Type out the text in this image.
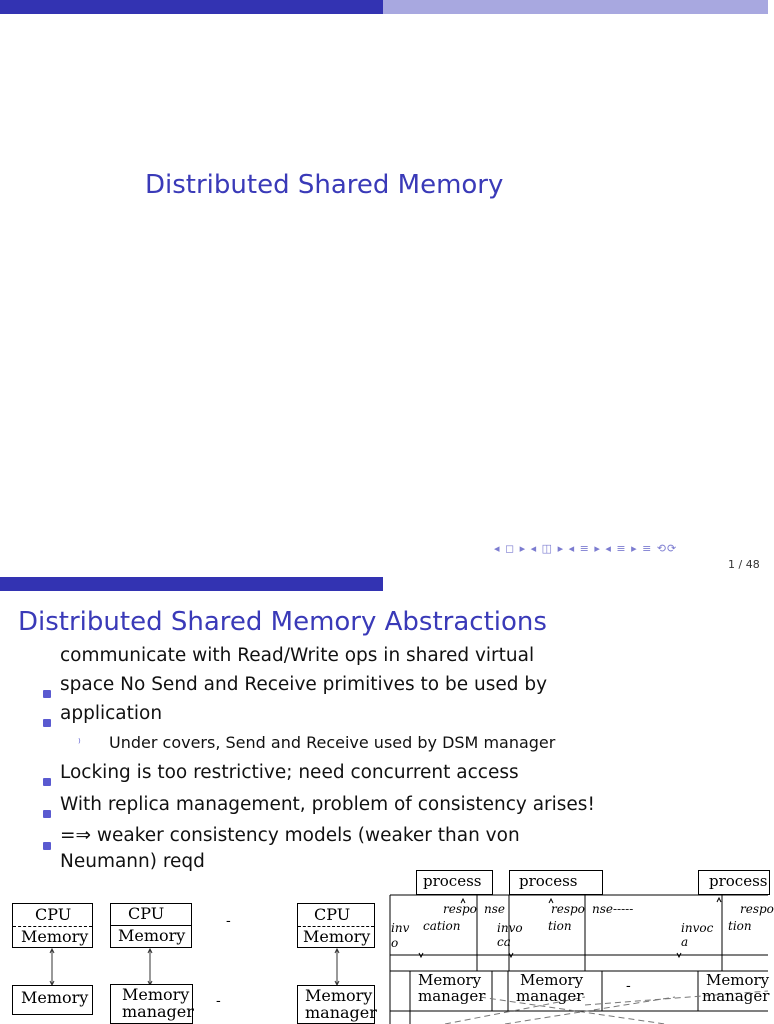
Distributed Shared Memory
◂ ◻ ▸ ◂ ◫ ▸ ◂ ≡ ▸ ◂ ≡ ▸ ≡ ⟲⟳
1 / 48
Distributed Shared Memory Abstractions
communicate with Read/Write ops in shared virtual
space No Send and Receive primitives to be used by
application
⁾ Under covers, Send and Receive used by DSM manager
Locking is too restrictive; need concurrent access
With replica management, problem of consistency arises!
=⇒ weaker consistency models (weaker than von
Neumann) reqd
CPU
Memory
CPU
Memory
-	CPU
Memory
Memory Memory
manager
-	Memory
manager
process	process	process
respo nse	respo nse-----	respo
inv
o
cation	invo
ca
tion	invoc
a
tion
Memory
manager
Memory
manager
-	Memory
manager
